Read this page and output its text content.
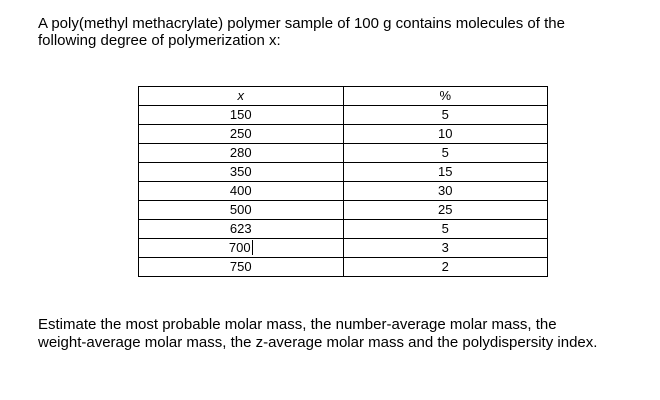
A poly(methyl methacrylate) polymer sample of 100 g contains molecules of the
following degree of polymerization x:

x	%
150	5
250	10
280	5
350	15
400	30
500	25
623	5
700	3
750	2

Estimate the most probable molar mass, the number-average molar mass, the
weight-average molar mass, the z-average molar mass and the polydispersity index.
